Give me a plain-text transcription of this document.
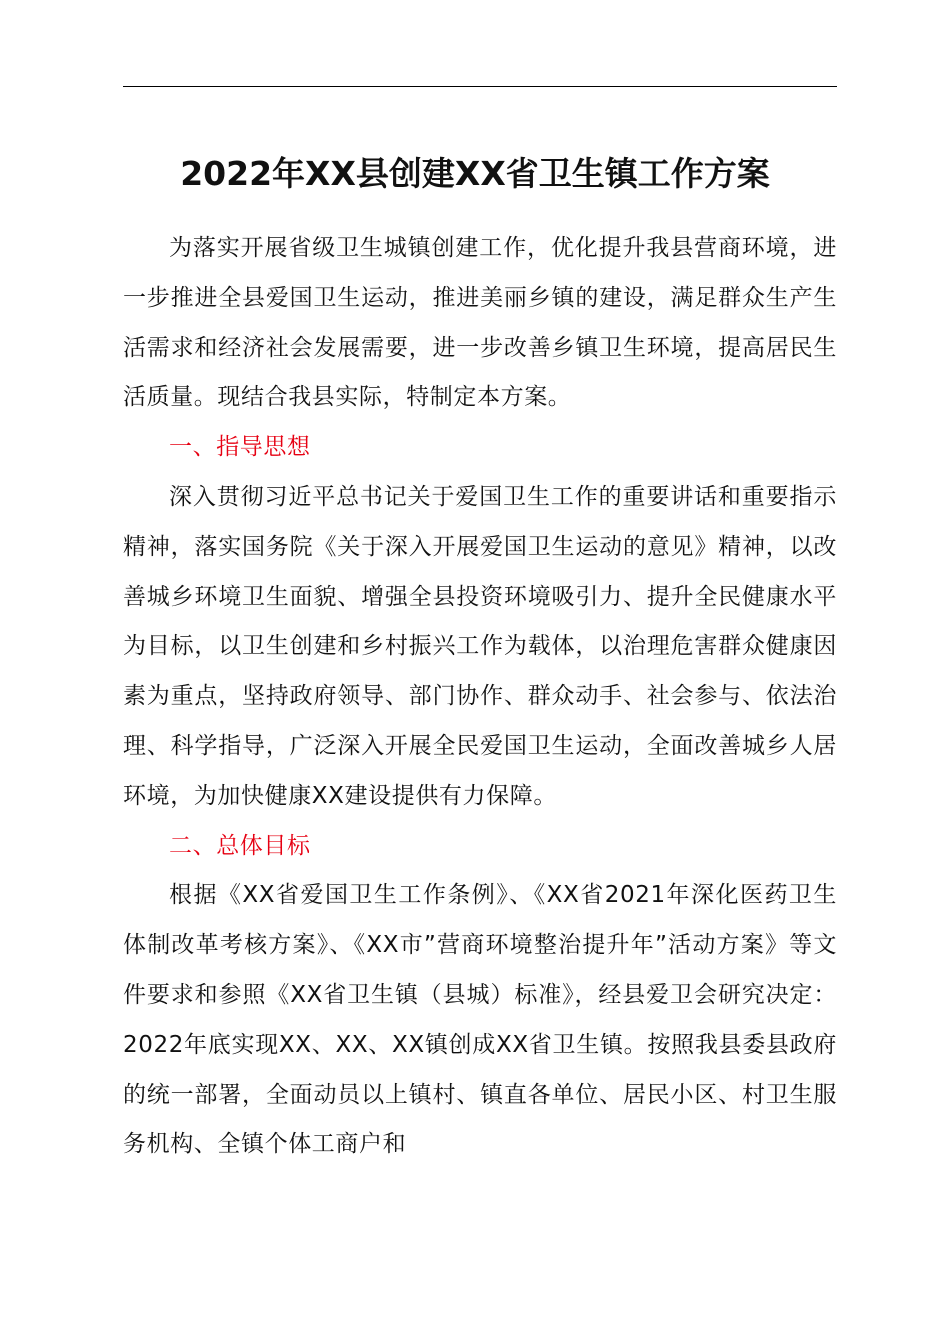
2022年XX县创建XX省卫生镇工作方案

为落实开展省级卫生城镇创建工作，优化提升我县营商环境，进一步推进全县爱国卫生运动，推进美丽乡镇的建设，满足群众生产生活需求和经济社会发展需要，进一步改善乡镇卫生环境，提高居民生活质量。现结合我县实际，特制定本方案。

一、指导思想

深入贯彻习近平总书记关于爱国卫生工作的重要讲话和重要指示精神，落实国务院《关于深入开展爱国卫生运动的意见》精神，以改善城乡环境卫生面貌、增强全县投资环境吸引力、提升全民健康水平为目标，以卫生创建和乡村振兴工作为载体，以治理危害群众健康因素为重点，坚持政府领导、部门协作、群众动手、社会参与、依法治理、科学指导，广泛深入开展全民爱国卫生运动，全面改善城乡人居环境，为加快健康XX建设提供有力保障。

二、总体目标

根据《XX省爱国卫生工作条例》、《XX省2021年深化医药卫生体制改革考核方案》、《XX市”营商环境整治提升年”活动方案》等文件要求和参照《XX省卫生镇（县城）标准》，经县爱卫会研究决定：2022年底实现XX、XX、XX镇创成XX省卫生镇。按照我县委县政府的统一部署，全面动员以上镇村、镇直各单位、居民小区、村卫生服务机构、全镇个体工商户和
